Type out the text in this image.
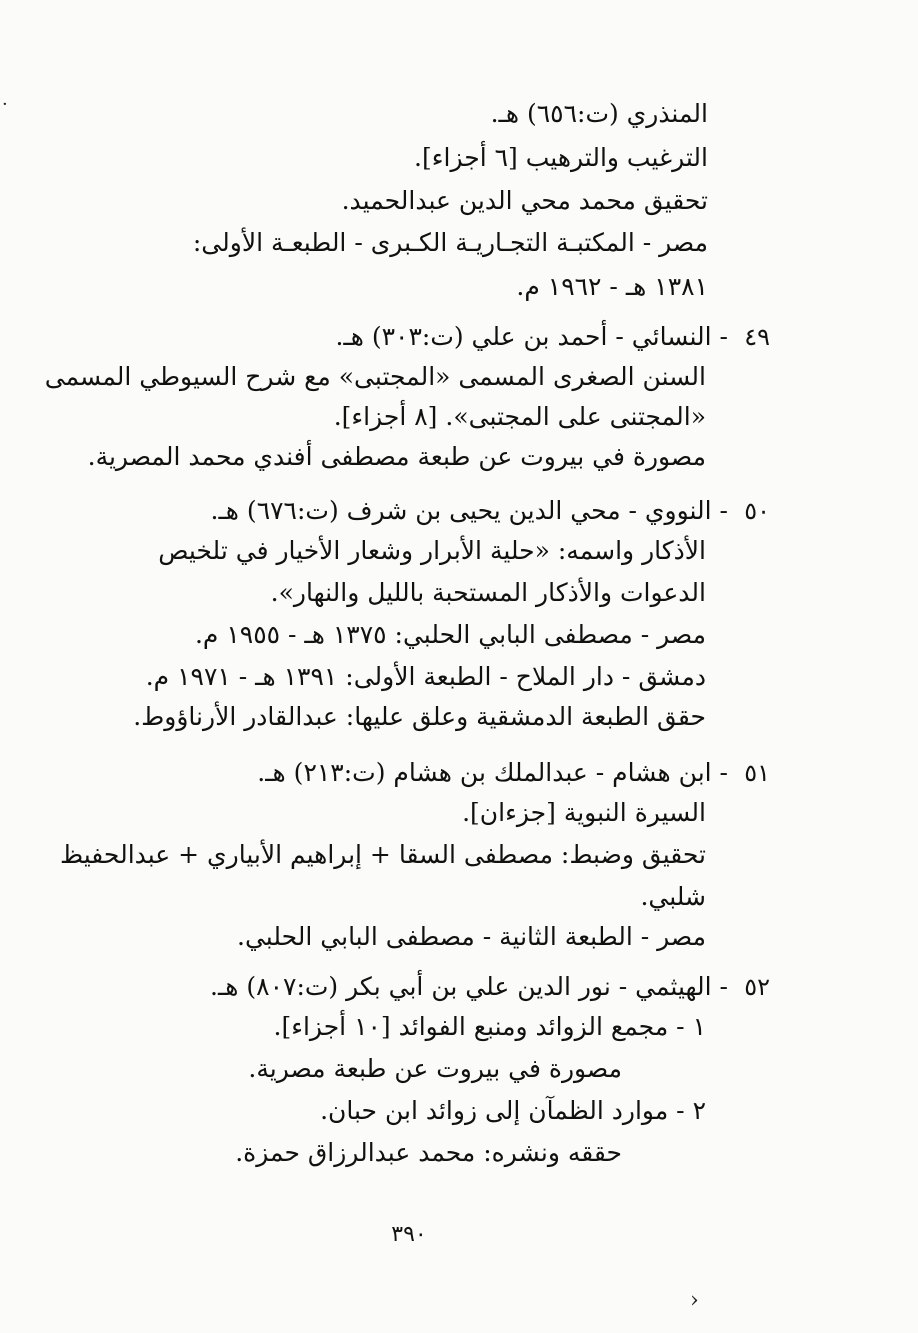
المنذري (ت:٦٥٦) هـ.
الترغيب والترهيب [٦ أجزاء].
تحقيق محمد محي الدين عبدالحميد.
مصر - المكتبـة التجـاريـة الكـبرى - الطبعـة الأولى:
١٣٨١ هـ - ١٩٦٢ م.
٤٩
- النسائي - أحمد بن علي (ت:٣٠٣) هـ.
السنن الصغرى المسمى «المجتبى» مع شرح السيوطي المسمى
«المجتنى على المجتبى». [٨ أجزاء].
مصورة في بيروت عن طبعة مصطفى أفندي محمد المصرية.
٥٠
- النووي - محي الدين يحيى بن شرف (ت:٦٧٦) هـ.
الأذكار واسمه: «حلية الأبرار وشعار الأخيار في تلخيص
الدعوات والأذكار المستحبة بالليل والنهار».
مصر - مصطفى البابي الحلبي: ١٣٧٥ هـ - ١٩٥٥ م.
دمشق - دار الملاح - الطبعة الأولى: ١٣٩١ هـ - ١٩٧١ م.
حقق الطبعة الدمشقية وعلق عليها: عبدالقادر الأرناؤوط.
٥١
- ابن هشام - عبدالملك بن هشام (ت:٢١٣) هـ.
السيرة النبوية [جزءان].
تحقيق وضبط: مصطفى السقا + إبراهيم الأبياري + عبدالحفيظ
شلبي.
مصر - الطبعة الثانية - مصطفى البابي الحلبي.
٥٢
- الهيثمي - نور الدين علي بن أبي بكر (ت:٨٠٧) هـ.
١ - مجمع الزوائد ومنبع الفوائد [١٠ أجزاء].
مصورة في بيروت عن طبعة مصرية.
٢ - موارد الظمآن إلى زوائد ابن حبان.
حققه ونشره: محمد عبدالرزاق حمزة.
٣٩٠
·
›
